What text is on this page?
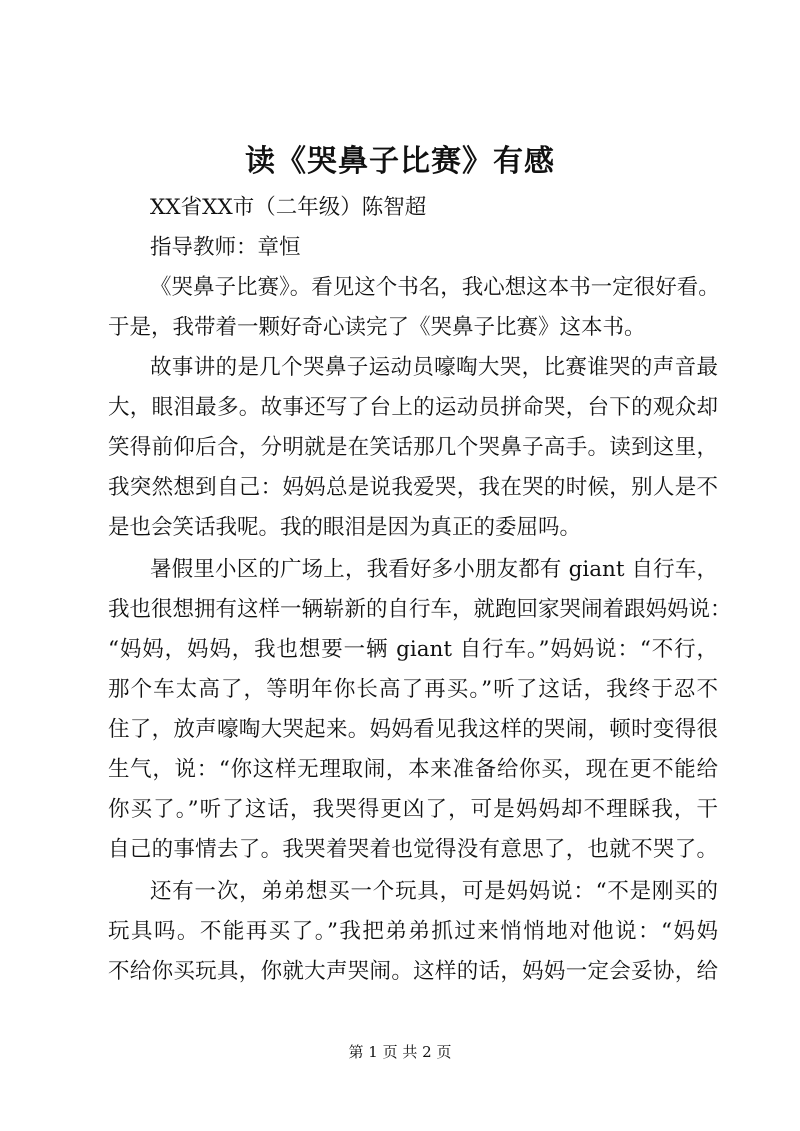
读《哭鼻子比赛》有感

XX省XX市（二年级）陈智超

指导教师：章恒

《哭鼻子比赛》。看见这个书名，我心想这本书一定很好看。

于是，我带着一颗好奇心读完了《哭鼻子比赛》这本书。

故事讲的是几个哭鼻子运动员嚎啕大哭，比赛谁哭的声音最

大，眼泪最多。故事还写了台上的运动员拼命哭，台下的观众却

笑得前仰后合，分明就是在笑话那几个哭鼻子高手。读到这里，

我突然想到自己：妈妈总是说我爱哭，我在哭的时候，别人是不

是也会笑话我呢。我的眼泪是因为真正的委屈吗。

暑假里小区的广场上，我看好多小朋友都有 giant 自行车，

我也很想拥有这样一辆崭新的自行车，就跑回家哭闹着跟妈妈说：

“妈妈，妈妈，我也想要一辆 giant 自行车。”妈妈说：“不行，

那个车太高了，等明年你长高了再买。”听了这话，我终于忍不

住了，放声嚎啕大哭起来。妈妈看见我这样的哭闹，顿时变得很

生气，说：“你这样无理取闹，本来准备给你买，现在更不能给

你买了。”听了这话，我哭得更凶了，可是妈妈却不理睬我，干

自己的事情去了。我哭着哭着也觉得没有意思了，也就不哭了。

还有一次，弟弟想买一个玩具，可是妈妈说：“不是刚买的

玩具吗。不能再买了。”我把弟弟抓过来悄悄地对他说：“妈妈

不给你买玩具，你就大声哭闹。这样的话，妈妈一定会妥协，给

第 1 页 共 2 页
